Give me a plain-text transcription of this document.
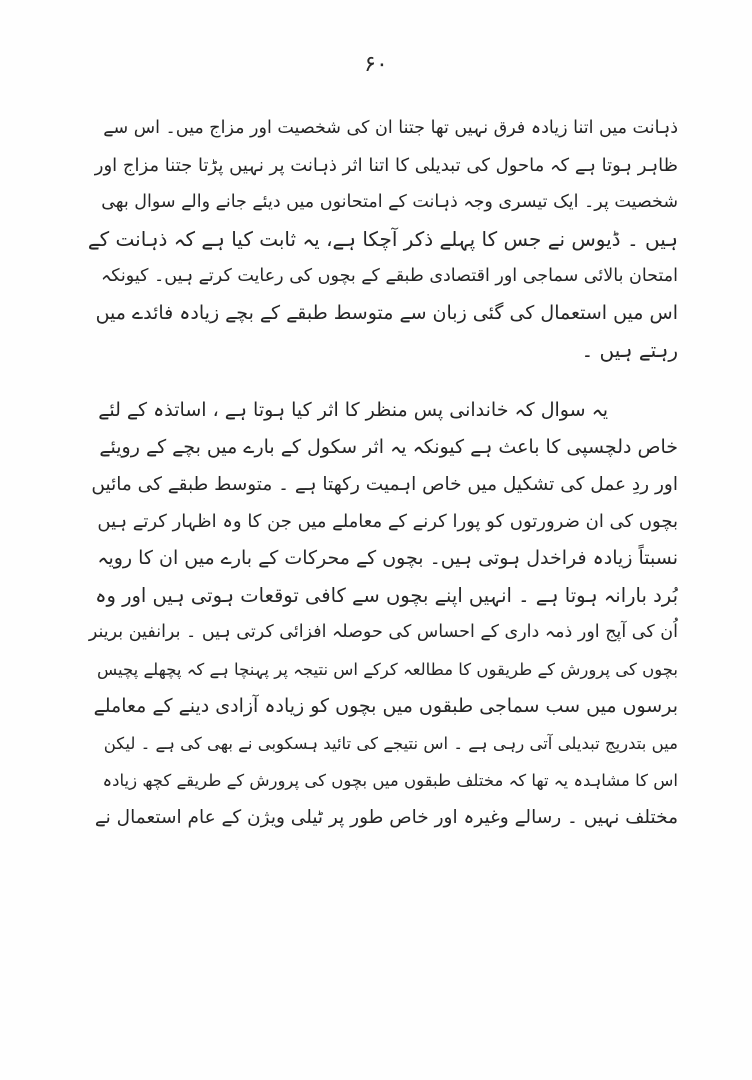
۶۰
ذہانت میں اتنا زیادہ فرق نہیں تھا جتنا ان کی شخصیت اور مزاج میں۔ اس سے
ظاہر ہوتا ہے کہ ماحول کی تبدیلی کا اتنا اثر ذہانت پر نہیں پڑتا جتنا مزاج اور
شخصیت پر۔ ایک تیسری وجہ ذہانت کے امتحانوں میں دیئے جانے والے سوال بھی
ہیں ۔ ڈیوس نے جس کا پہلے ذکر آچکا ہے، یہ ثابت کیا ہے کہ ذہانت کے
امتحان بالائی سماجی اور اقتصادی طبقے کے بچوں کی رعایت کرتے ہیں۔ کیونکہ
اس میں استعمال کی گئی زبان سے متوسط طبقے کے بچے زیادہ فائدے میں
رہتے ہیں ۔
یہ سوال کہ خاندانی پس منظر کا اثر کیا ہوتا ہے ، اساتذہ کے لئے
خاص دلچسپی کا باعث ہے کیونکہ یہ اثر سکول کے بارے میں بچے کے رویئے
اور ردِ عمل کی تشکیل میں خاص اہمیت رکھتا ہے ۔ متوسط طبقے کی مائیں
بچوں کی ان ضرورتوں کو پورا کرنے کے معاملے میں جن کا وہ اظہار کرتے ہیں
نسبتاً زیادہ فراخدل ہوتی ہیں۔ بچوں کے محرکات کے بارے میں ان کا رویہ
بُرد بارانہ ہوتا ہے ۔ انہیں اپنے بچوں سے کافی توقعات ہوتی ہیں اور وہ
اُن کی آپج اور ذمہ داری کے احساس کی حوصلہ افزائی کرتی ہیں ۔ برانفین برینر
بچوں کی پرورش کے طریقوں کا مطالعہ کرکے اس نتیجہ پر پہنچا ہے کہ پچھلے پچیس
برسوں میں سب سماجی طبقوں میں بچوں کو زیادہ آزادی دینے کے معاملے
میں بتدریج تبدیلی آتی رہی ہے ۔ اس نتیجے کی تائید ہسکوبی نے بھی کی ہے ۔ لیکن
اس کا مشاہدہ یہ تھا کہ مختلف طبقوں میں بچوں کی پرورش کے طریقے کچھ زیادہ
مختلف نہیں ۔ رسالے وغیرہ اور خاص طور پر ٹیلی ویژن کے عام استعمال نے
